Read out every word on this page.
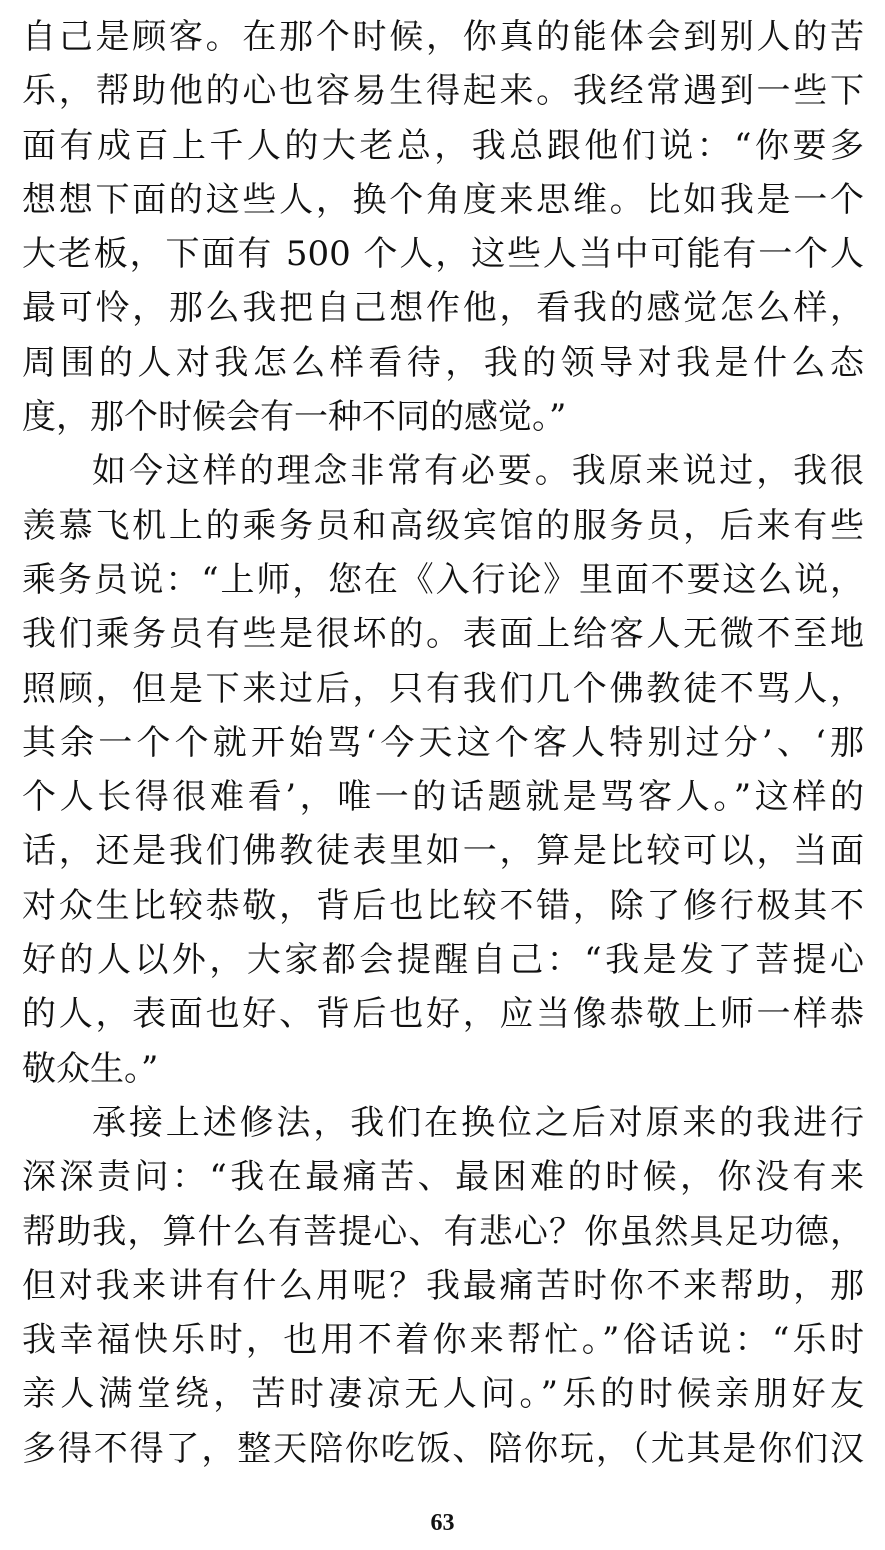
自己是顾客。在那个时候，你真的能体会到别人的苦
乐，帮助他的心也容易生得起来。我经常遇到一些下
面有成百上千人的大老总，我总跟他们说：“你要多
想想下面的这些人，换个角度来思维。比如我是一个
大老板，下面有 500 个人，这些人当中可能有一个人
最可怜，那么我把自己想作他，看我的感觉怎么样，
周围的人对我怎么样看待，我的领导对我是什么态
度，那个时候会有一种不同的感觉。”
如今这样的理念非常有必要。我原来说过，我很
羡慕飞机上的乘务员和高级宾馆的服务员，后来有些
乘务员说：“上师，您在《入行论》里面不要这么说，
我们乘务员有些是很坏的。表面上给客人无微不至地
照顾，但是下来过后，只有我们几个佛教徒不骂人，
其余一个个就开始骂‘今天这个客人特别过分’、‘那
个人长得很难看’，唯一的话题就是骂客人。”这样的
话，还是我们佛教徒表里如一，算是比较可以，当面
对众生比较恭敬，背后也比较不错，除了修行极其不
好的人以外，大家都会提醒自己：“我是发了菩提心
的人，表面也好、背后也好，应当像恭敬上师一样恭
敬众生。”
承接上述修法，我们在换位之后对原来的我进行
深深责问：“我在最痛苦、最困难的时候，你没有来
帮助我，算什么有菩提心、有悲心？你虽然具足功德，
但对我来讲有什么用呢？我最痛苦时你不来帮助，那
我幸福快乐时，也用不着你来帮忙。”俗话说：“乐时
亲人满堂绕，苦时凄凉无人问。”乐的时候亲朋好友
多得不得了，整天陪你吃饭、陪你玩，（尤其是你们汉
63
